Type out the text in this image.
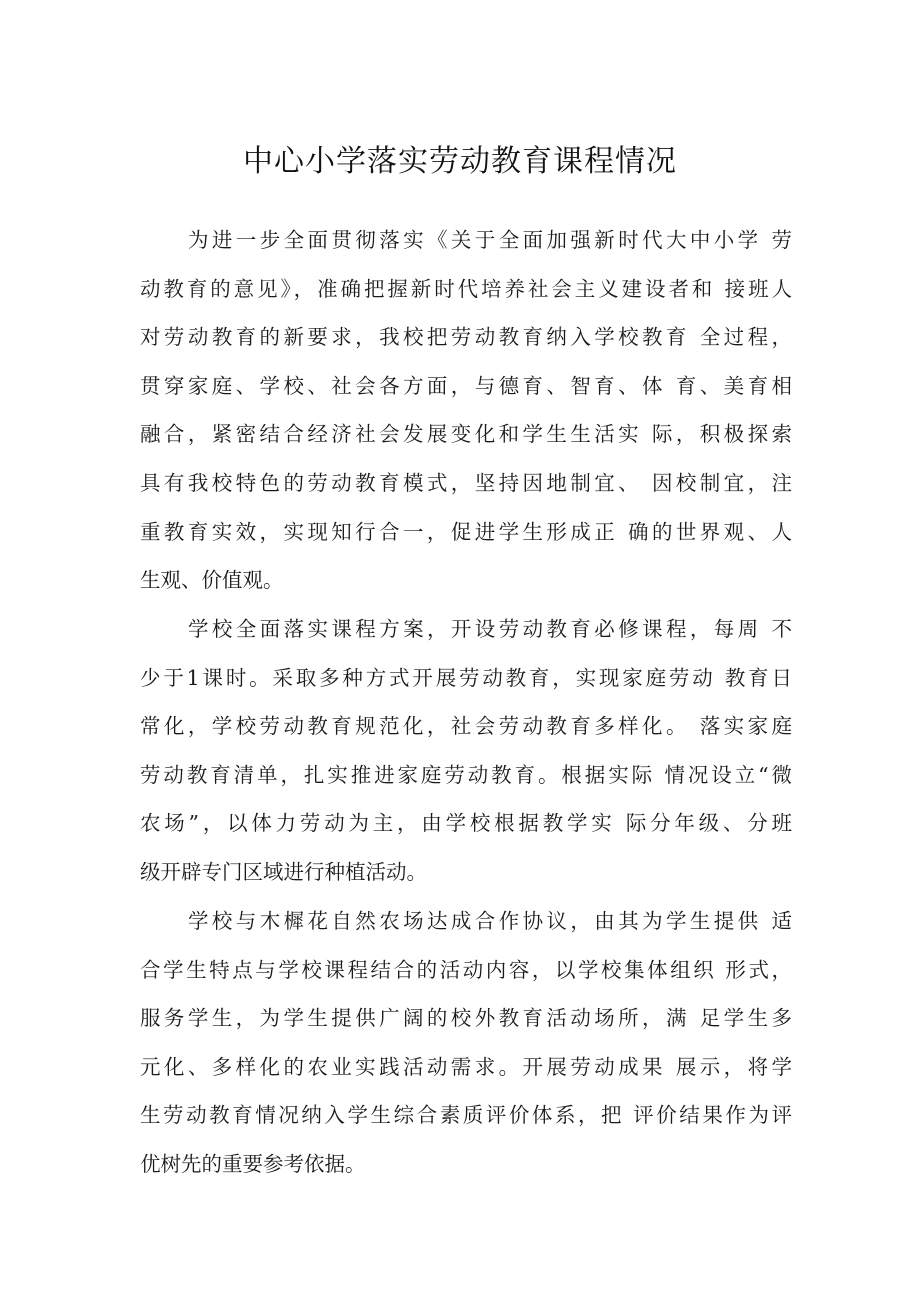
中心小学落实劳动教育课程情况
为进一步全面贯彻落实《关于全面加强新时代大中小学 劳
动教育的意见》，准确把握新时代培养社会主义建设者和 接班人
对劳动教育的新要求，我校把劳动教育纳入学校教育 全过程，
贯穿家庭、学校、社会各方面，与德育、智育、体 育、美育相
融合，紧密结合经济社会发展变化和学生生活实 际，积极探索
具有我校特色的劳动教育模式，坚持因地制宜、 因校制宜，注
重教育实效，实现知行合一，促进学生形成正 确的世界观、人
生观、价值观。
学校全面落实课程方案，开设劳动教育必修课程，每周 不
少于1课时。采取多种方式开展劳动教育，实现家庭劳动 教育日
常化，学校劳动教育规范化，社会劳动教育多样化。 落实家庭
劳动教育清单，扎实推进家庭劳动教育。根据实际 情况设立“微
农场”，以体力劳动为主，由学校根据教学实 际分年级、分班
级开辟专门区域进行种植活动。
学校与木樨花自然农场达成合作协议，由其为学生提供 适
合学生特点与学校课程结合的活动内容，以学校集体组织 形式，
服务学生，为学生提供广阔的校外教育活动场所，满 足学生多
元化、多样化的农业实践活动需求。开展劳动成果 展示，将学
生劳动教育情况纳入学生综合素质评价体系，把 评价结果作为评
优树先的重要参考依据。
